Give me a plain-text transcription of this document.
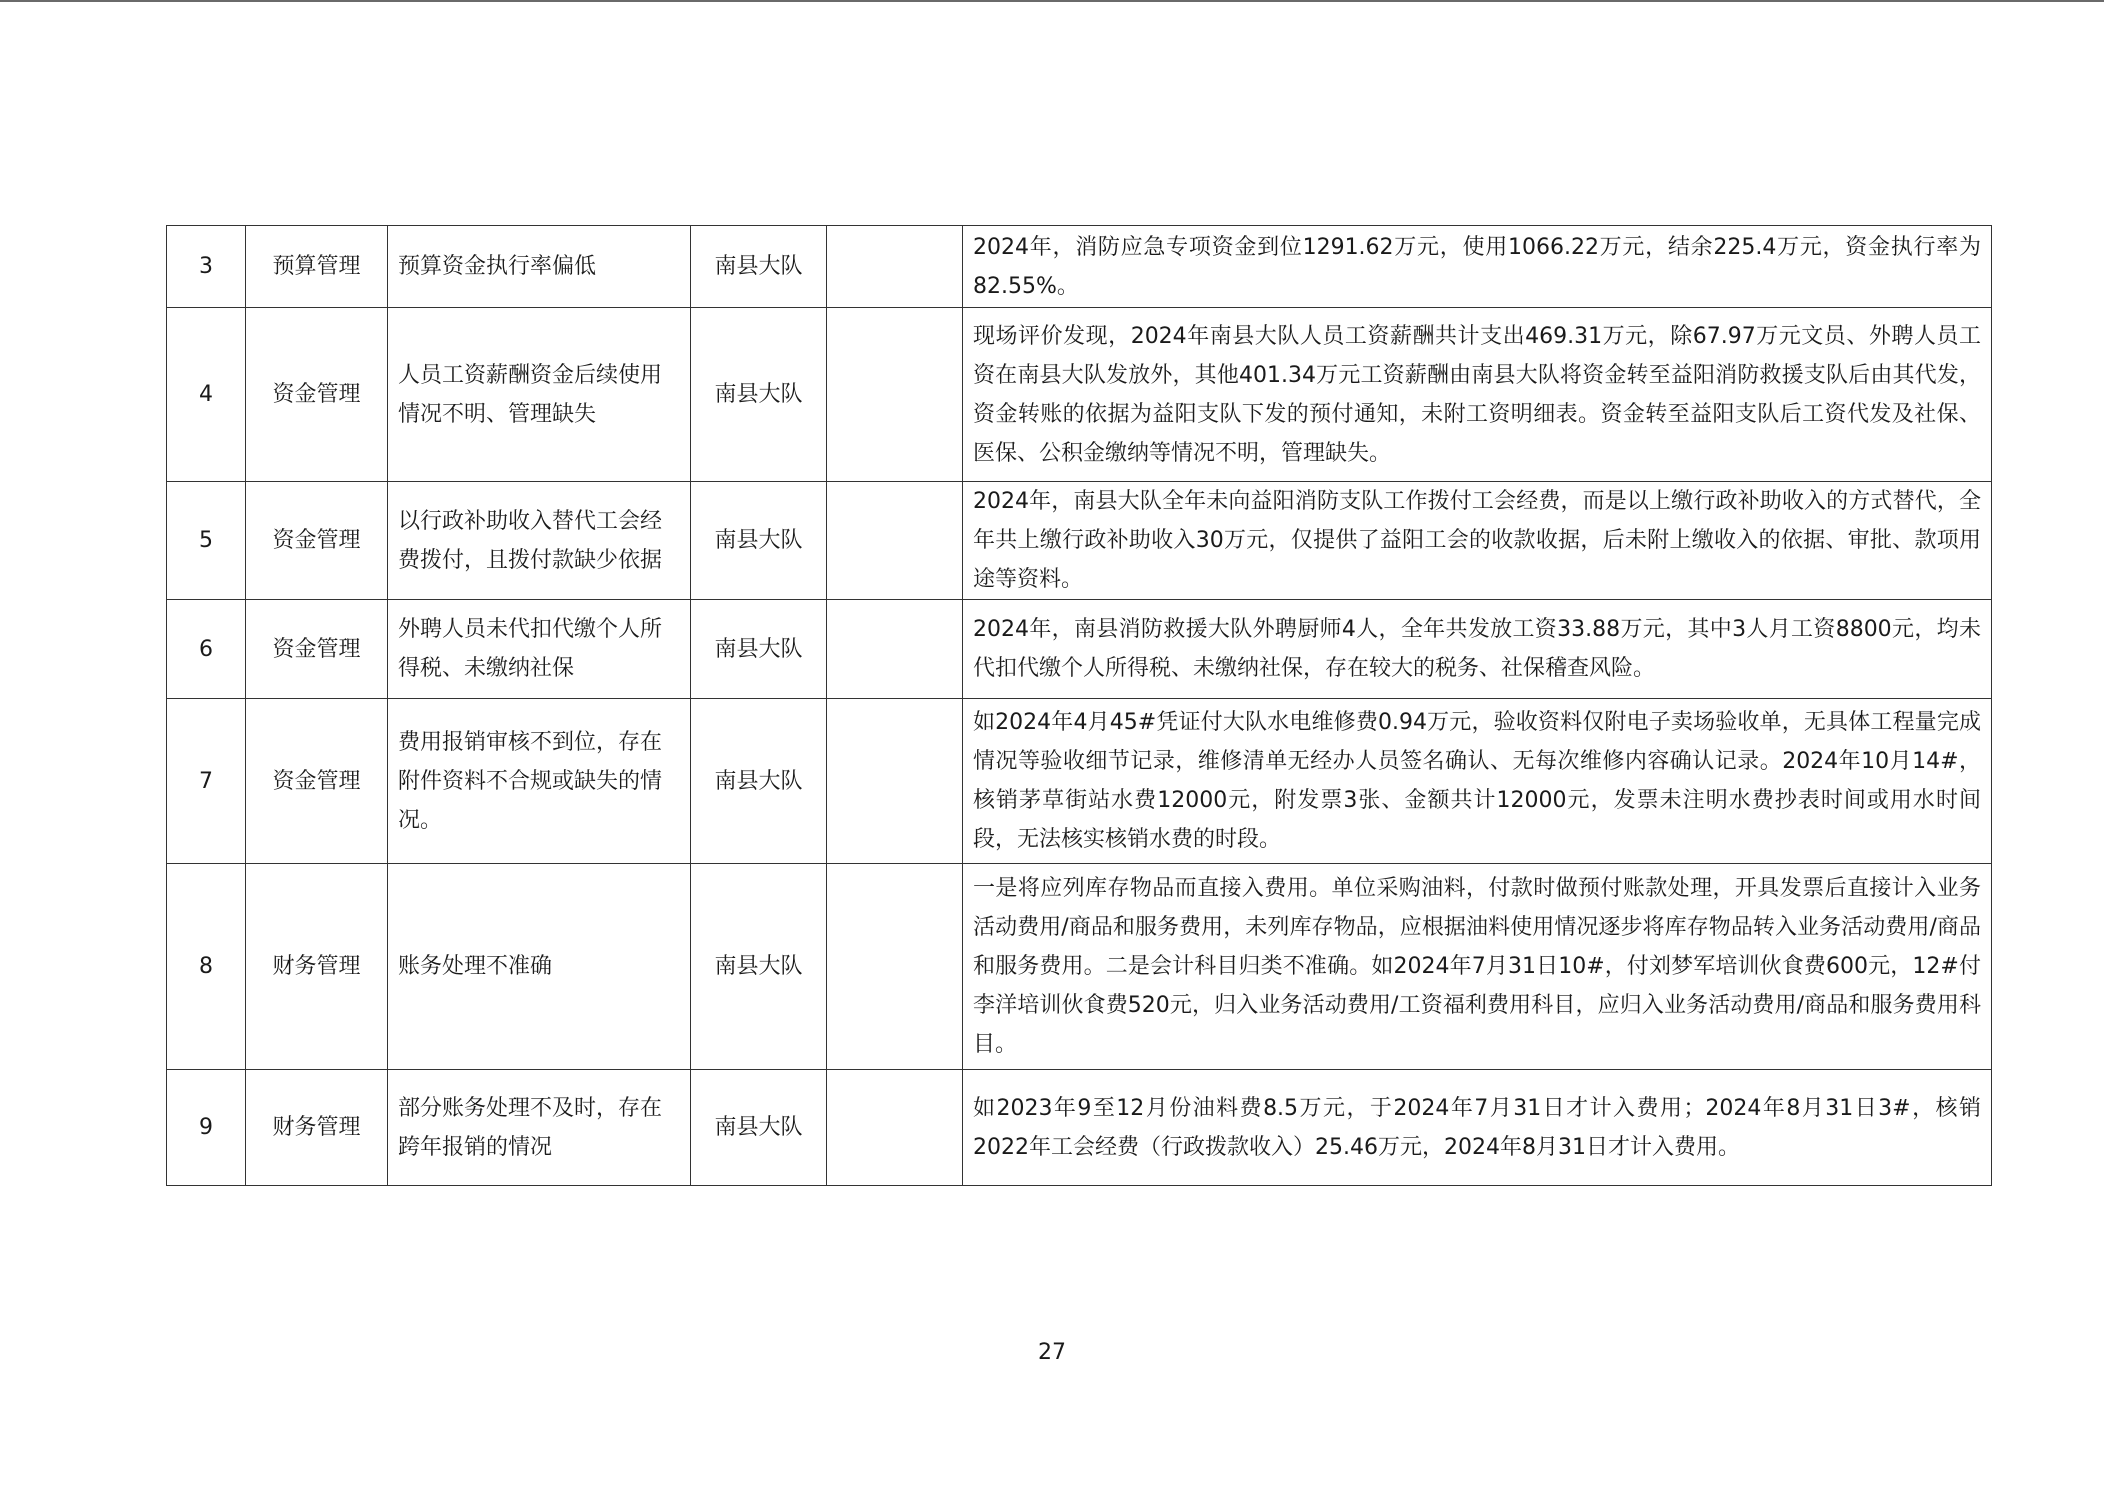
3	预算管理	预算资金执行率偏低	南县大队		2024年，消防应急专项资金到位1291.62万元，使用1066.22万元，结余225.4万元，资金执行率为82.55%。
4	资金管理	人员工资薪酬资金后续使用情况不明、管理缺失	南县大队		现场评价发现，2024年南县大队人员工资薪酬共计支出469.31万元，除67.97万元文员、外聘人员工资在南县大队发放外，其他401.34万元工资薪酬由南县大队将资金转至益阳消防救援支队后由其代发，资金转账的依据为益阳支队下发的预付通知，未附工资明细表。资金转至益阳支队后工资代发及社保、医保、公积金缴纳等情况不明，管理缺失。
5	资金管理	以行政补助收入替代工会经费拨付，且拨付款缺少依据	南县大队		2024年，南县大队全年未向益阳消防支队工作拨付工会经费，而是以上缴行政补助收入的方式替代，全年共上缴行政补助收入30万元，仅提供了益阳工会的收款收据，后未附上缴收入的依据、审批、款项用途等资料。
6	资金管理	外聘人员未代扣代缴个人所得税、未缴纳社保	南县大队		2024年，南县消防救援大队外聘厨师4人，全年共发放工资33.88万元，其中3人月工资8800元，均未代扣代缴个人所得税、未缴纳社保，存在较大的税务、社保稽查风险。
7	资金管理	费用报销审核不到位，存在附件资料不合规或缺失的情况。	南县大队		如2024年4月45#凭证付大队水电维修费0.94万元，验收资料仅附电子卖场验收单，无具体工程量完成情况等验收细节记录，维修清单无经办人员签名确认、无每次维修内容确认记录。2024年10月14#，核销茅草街站水费12000元，附发票3张、金额共计12000元，发票未注明水费抄表时间或用水时间段，无法核实核销水费的时段。
8	财务管理	账务处理不准确	南县大队		一是将应列库存物品而直接入费用。单位采购油料，付款时做预付账款处理，开具发票后直接计入业务活动费用/商品和服务费用，未列库存物品，应根据油料使用情况逐步将库存物品转入业务活动费用/商品和服务费用。二是会计科目归类不准确。如2024年7月31日10#，付刘梦军培训伙食费600元，12#付李洋培训伙食费520元，归入业务活动费用/工资福利费用科目，应归入业务活动费用/商品和服务费用科目。
9	财务管理	部分账务处理不及时，存在跨年报销的情况	南县大队		如2023年9至12月份油料费8.5万元，于2024年7月31日才计入费用；2024年8月31日3#，核销2022年工会经费（行政拨款收入）25.46万元，2024年8月31日才计入费用。
27
